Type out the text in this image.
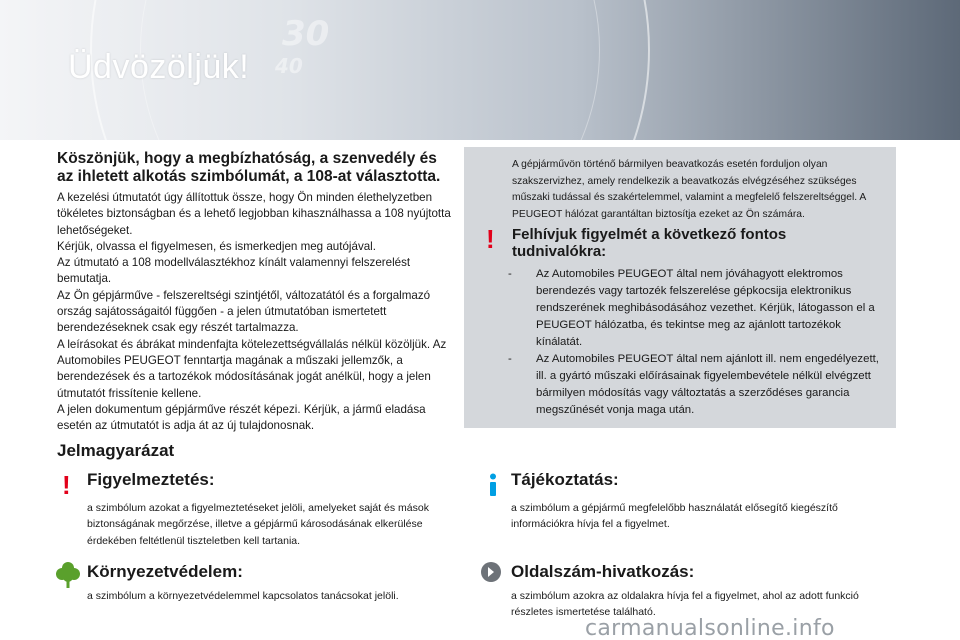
30
40
Üdvözöljük!
Köszönjük, hogy a megbízhatóság, a szenvedély és az ihletett alkotás szimbólumát, a 108-at választotta.

A kezelési útmutatót úgy állítottuk össze, hogy Ön minden élethelyzetben tökéletes biztonságban és a lehető legjobban kihasználhassa a 108 nyújtotta lehetőségeket.

Kérjük, olvassa el figyelmesen, és ismerkedjen meg autójával.

Az útmutató a 108 modellválasztékhoz kínált valamennyi felszerelést bemutatja.

Az Ön gépjárműve - felszereltségi szintjétől, változatától és a forgalmazó ország sajátosságaitól függően - a jelen útmutatóban ismertetett berendezéseknek csak egy részét tartalmazza.

A leírásokat és ábrákat mindenfajta kötelezettségvállalás nélkül közöljük. Az Automobiles PEUGEOT fenntartja magának a műszaki jellemzők, a berendezések és a tartozékok módosításának jogát anélkül, hogy a jelen útmutatót frissítenie kellene.

A jelen dokumentum gépjárműve részét képezi. Kérjük, a jármű eladása esetén az útmutatót is adja át az új tulajdonosnak.

A gépjárművön történő bármilyen beavatkozás esetén forduljon olyan szakszervizhez, amely rendelkezik a beavatkozás elvégzéséhez szükséges műszaki tudással és szakértelemmel, valamint a megfelelő felszereltséggel. A PEUGEOT hálózat garantáltan biztosítja ezeket az Ön számára.

! Felhívjuk figyelmét a következő fontos tudnivalókra:
- Az Automobiles PEUGEOT által nem jóváhagyott elektromos berendezés vagy tartozék felszerelése gépkocsija elektronikus rendszerének meghibásodásához vezethet. Kérjük, látogasson el a PEUGEOT hálózatba, és tekintse meg az ajánlott tartozékok kínálatát.
- Az Automobiles PEUGEOT által nem ajánlott ill. nem engedélyezett, ill. a gyártó műszaki előírásainak figyelembevétele nélkül elvégzett bármilyen módosítás vagy változtatás a szerződéses garancia megszűnését vonja maga után.
Jelmagyarázat
! Figyelmeztetés:

a szimbólum azokat a figyelmeztetéseket jelöli, amelyeket saját és mások biztonságának megőrzése, illetve a gépjármű károsodásának elkerülése érdekében feltétlenül tiszteletben kell tartania.

Tájékoztatás:

a szimbólum a gépjármű megfelelőbb használatát elősegítő kiegészítő információkra hívja fel a figyelmet.

Környezetvédelem:

a szimbólum a környezetvédelemmel kapcsolatos tanácsokat jelöli.

Oldalszám-hivatkozás:

a szimbólum azokra az oldalakra hívja fel a figyelmet, ahol az adott funkció részletes ismertetése található.

carmanualsonline.info
